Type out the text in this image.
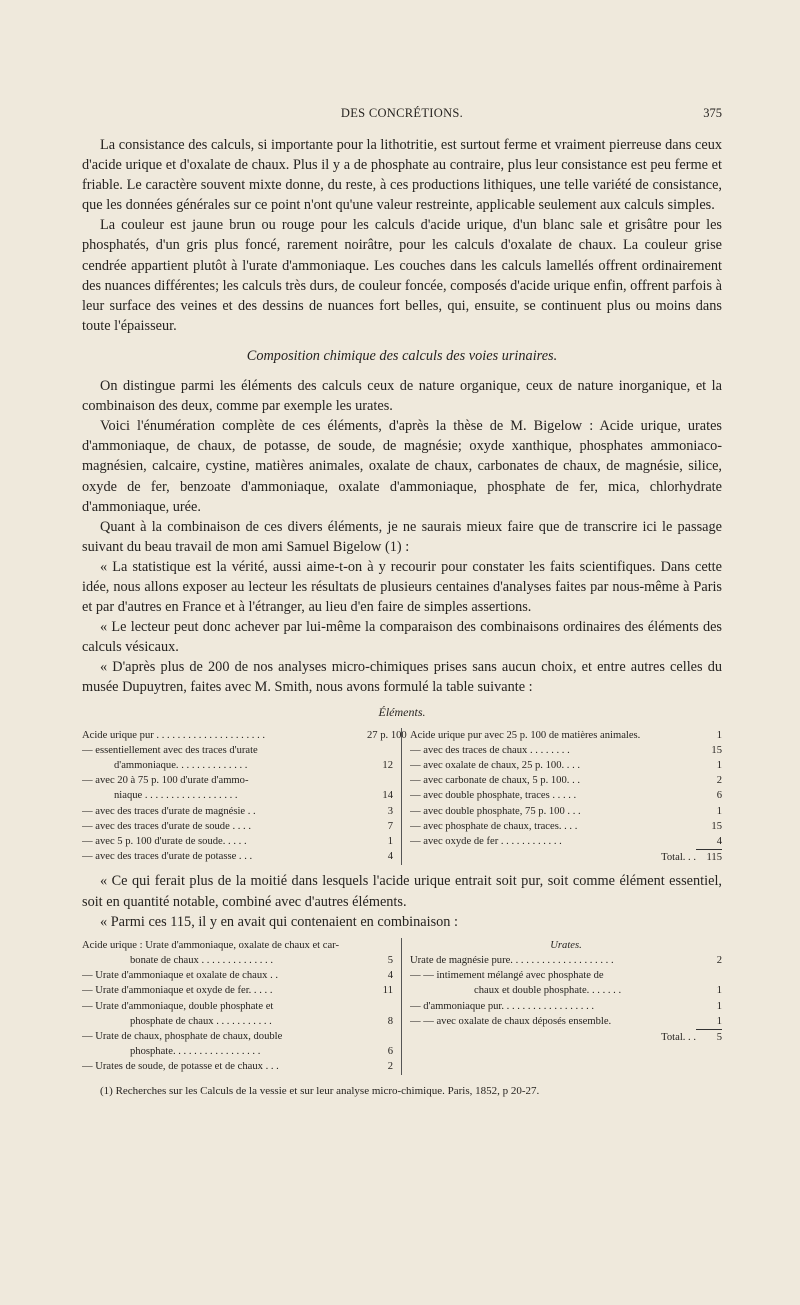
DES CONCRÉTIONS.	375

La consistance des calculs, si importante pour la lithotritie, est surtout ferme et vraiment pierreuse dans ceux d'acide urique et d'oxalate de chaux. Plus il y a de phosphate au contraire, plus leur consistance est peu ferme et friable. Le caractère souvent mixte donne, du reste, à ces productions lithiques, une telle variété de consistance, que les données générales sur ce point n'ont qu'une valeur restreinte, applicable seulement aux calculs simples.

La couleur est jaune brun ou rouge pour les calculs d'acide urique, d'un blanc sale et grisâtre pour les phosphatés, d'un gris plus foncé, rarement noirâtre, pour les calculs d'oxalate de chaux. La couleur grise cendrée appartient plutôt à l'urate d'ammoniaque. Les couches dans les calculs lamellés offrent ordinairement des nuances différentes; les calculs très durs, de couleur foncée, composés d'acide urique enfin, offrent parfois à leur surface des veines et des dessins de nuances fort belles, qui, ensuite, se continuent plus ou moins dans toute l'épaisseur.

Composition chimique des calculs des voies urinaires.

On distingue parmi les éléments des calculs ceux de nature organique, ceux de nature inorganique, et la combinaison des deux, comme par exemple les urates.

Voici l'énumération complète de ces éléments, d'après la thèse de M. Bigelow : Acide urique, urates d'ammoniaque, de chaux, de potasse, de soude, de magnésie; oxyde xanthique, phosphates ammoniaco-magnésien, calcaire, cystine, matières animales, oxalate de chaux, carbonates de chaux, de magnésie, silice, oxyde de fer, benzoate d'ammoniaque, oxalate d'ammoniaque, phosphate de fer, mica, chlorhydrate d'ammoniaque, urée.

Quant à la combinaison de ces divers éléments, je ne saurais mieux faire que de transcrire ici le passage suivant du beau travail de mon ami Samuel Bigelow (1) :

« La statistique est la vérité, aussi aime-t-on à y recourir pour constater les faits scientifiques. Dans cette idée, nous allons exposer au lecteur les résultats de plusieurs centaines d'analyses faites par nous-même à Paris et par d'autres en France et à l'étranger, au lieu d'en faire de simples assertions.

« Le lecteur peut donc achever par lui-même la comparaison des combinaisons ordinaires des éléments des calculs vésicaux.

« D'après plus de 200 de nos analyses micro-chimiques prises sans aucun choix, et entre autres celles du musée Dupuytren, faites avec M. Smith, nous avons formulé la table suivante :

Éléments.
Acide urique pur . . . . . . . . . . . . . . . . . . . . .	27 p. 100
— essentiellement avec des traces d'urate
d'ammoniaque. . . . . . . . . . . . . .	12
— avec 20 à 75 p. 100 d'urate d'ammo-
niaque . . . . . . . . . . . . . . . . . .	14
— avec des traces d'urate de magnésie . .	3
— avec des traces d'urate de soude . . . .	7
— avec 5 p. 100 d'urate de soude. . . . .	1
— avec des traces d'urate de potasse . . .	4
Acide urique pur avec 25 p. 100 de matières animales.	1
— avec des traces de chaux . . . . . . . .	15
— avec oxalate de chaux, 25 p. 100. . . .	1
— avec carbonate de chaux, 5 p. 100. . .	2
— avec double phosphate, traces . . . . .	6
— avec double phosphate, 75 p. 100 . . .	1
— avec phosphate de chaux, traces. . . .	15
— avec oxyde de fer . . . . . . . . . . . .	4
Total. . . 115

« Ce qui ferait plus de la moitié dans lesquels l'acide urique entrait soit pur, soit comme élément essentiel, soit en quantité notable, combiné avec d'autres éléments.

« Parmi ces 115, il y en avait qui contenaient en combinaison :

Acide urique : Urate d'ammoniaque, oxalate de chaux et car-
bonate de chaux . . . . . . . . . . . . . .	5
— Urate d'ammoniaque et oxalate de chaux . .	4
— Urate d'ammoniaque et oxyde de fer. . . . .	11
— Urate d'ammoniaque, double phosphate et
phosphate de chaux . . . . . . . . . . .	8
— Urate de chaux, phosphate de chaux, double
phosphate. . . . . . . . . . . . . . . . .	6
— Urates de soude, de potasse et de chaux . . .	2
Urates.
Urate de magnésie pure. . . . . . . . . . . . . . . . . . . .	2
— — intimement mélangé avec phosphate de
chaux et double phosphate. . . . . . .	1
— d'ammoniaque pur. . . . . . . . . . . . . . . . . .	1
— — avec oxalate de chaux déposés ensemble.	1
Total. . .	5

(1) Recherches sur les Calculs de la vessie et sur leur analyse micro-chimique. Paris, 1852, p 20-27.
